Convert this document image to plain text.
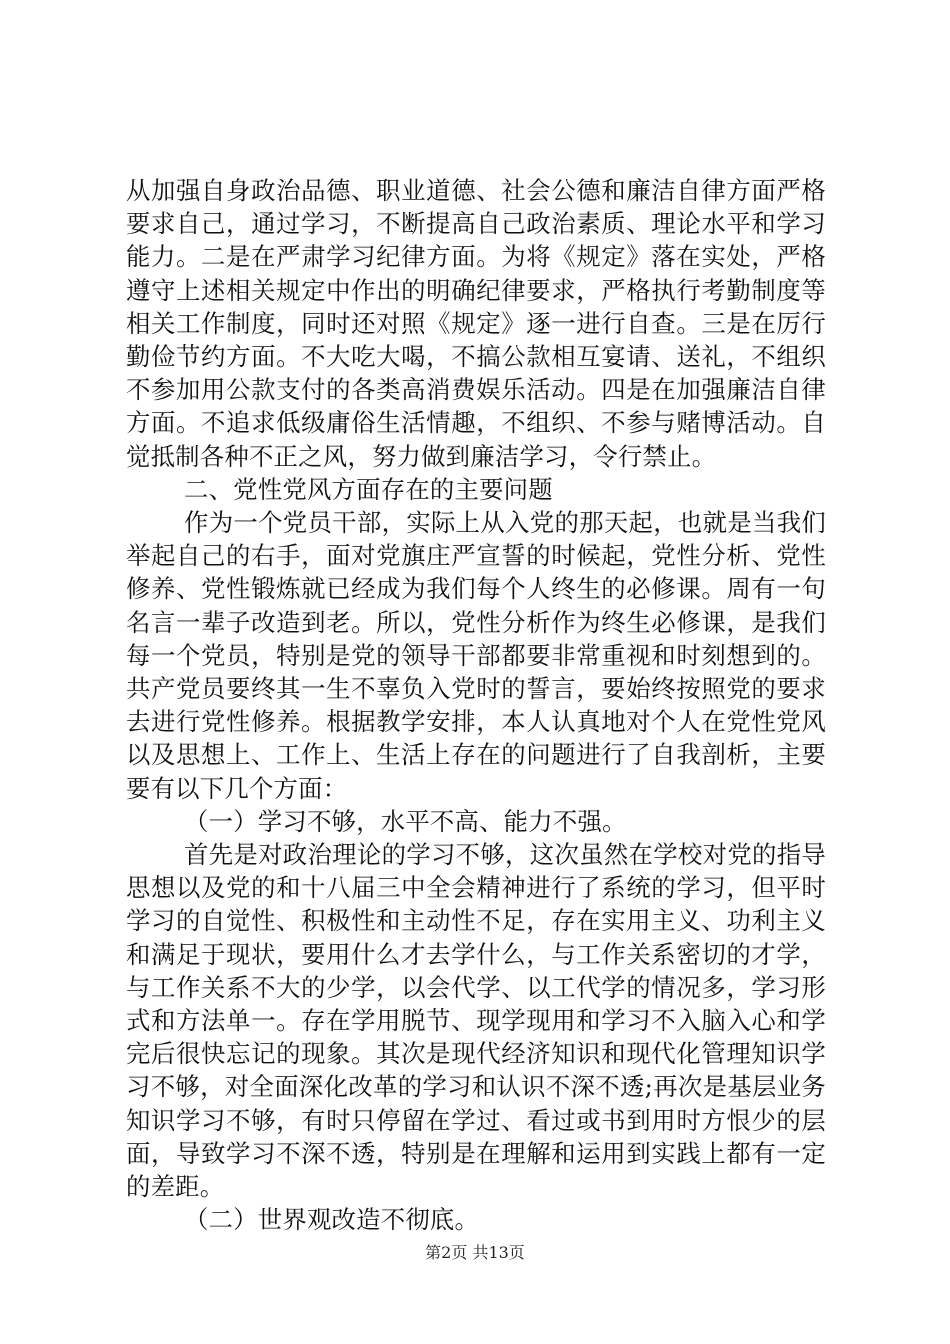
从加强自身政治品德、职业道德、社会公德和廉洁自律方面严格要求自己，通过学习，不断提高自己政治素质、理论水平和学习能力。二是在严肃学习纪律方面。为将《规定》落在实处，严格遵守上述相关规定中作出的明确纪律要求，严格执行考勤制度等相关工作制度，同时还对照《规定》逐一进行自查。三是在厉行勤俭节约方面。不大吃大喝，不搞公款相互宴请、送礼，不组织不参加用公款支付的各类高消费娱乐活动。四是在加强廉洁自律方面。不追求低级庸俗生活情趣，不组织、不参与赌博活动。自觉抵制各种不正之风，努力做到廉洁学习，令行禁止。

二、党性党风方面存在的主要问题

作为一个党员干部，实际上从入党的那天起，也就是当我们举起自己的右手，面对党旗庄严宣誓的时候起，党性分析、党性修养、党性锻炼就已经成为我们每个人终生的必修课。周有一句名言一辈子改造到老。所以，党性分析作为终生必修课，是我们每一个党员，特别是党的领导干部都要非常重视和时刻想到的。共产党员要终其一生不辜负入党时的誓言，要始终按照党的要求去进行党性修养。根据教学安排，本人认真地对个人在党性党风以及思想上、工作上、生活上存在的问题进行了自我剖析，主要要有以下几个方面：

（一）学习不够，水平不高、能力不强。

首先是对政治理论的学习不够，这次虽然在学校对党的指导思想以及党的和十八届三中全会精神进行了系统的学习，但平时学习的自觉性、积极性和主动性不足，存在实用主义、功利主义和满足于现状，要用什么才去学什么，与工作关系密切的才学，与工作关系不大的少学，以会代学、以工代学的情况多，学习形式和方法单一。存在学用脱节、现学现用和学习不入脑入心和学完后很快忘记的现象。其次是现代经济知识和现代化管理知识学习不够，对全面深化改革的学习和认识不深不透;再次是基层业务知识学习不够，有时只停留在学过、看过或书到用时方恨少的层面，导致学习不深不透，特别是在理解和运用到实践上都有一定的差距。

（二）世界观改造不彻底。

第2页 共13页
